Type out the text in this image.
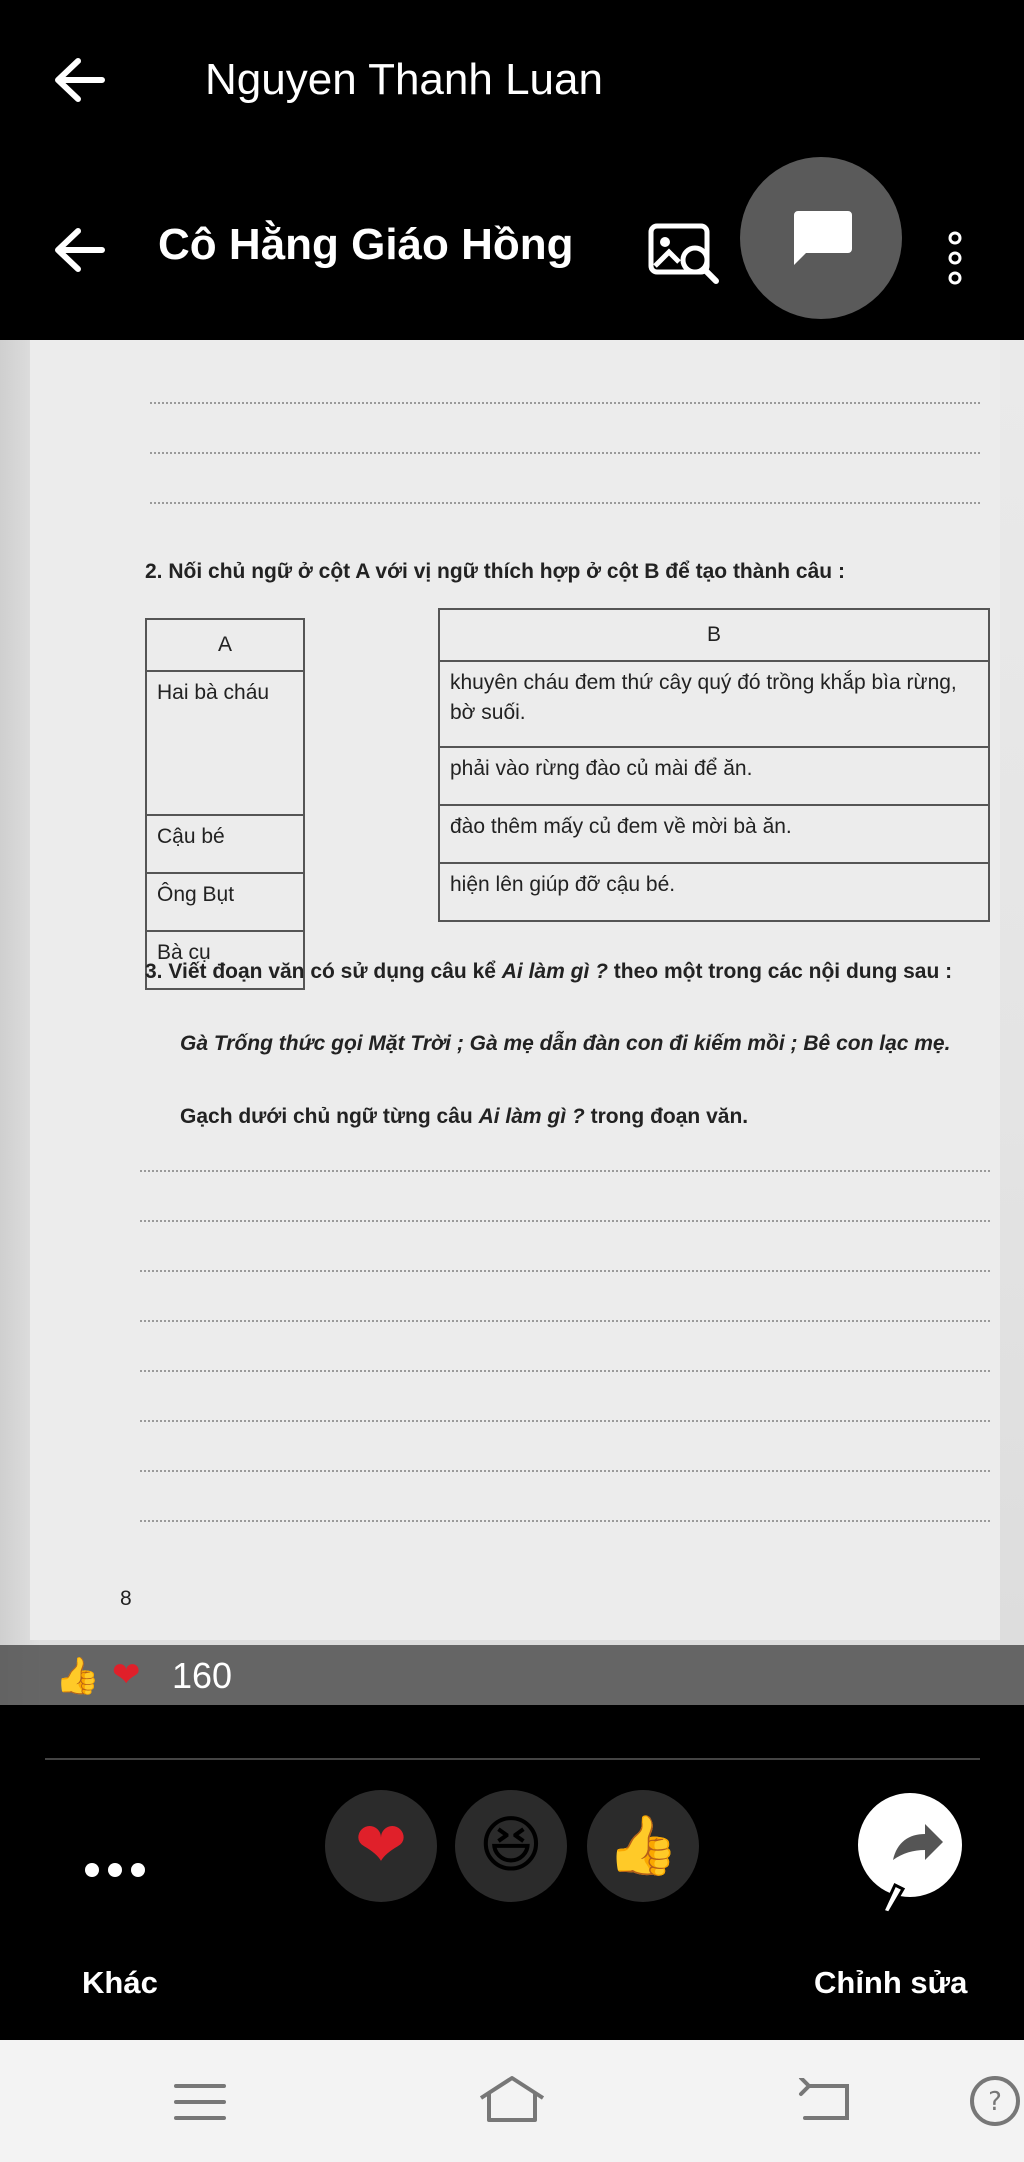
Nguyen Thanh Luan
Cô Hằng Giáo Hồng
2. Nối chủ ngữ ở cột A với vị ngữ thích hợp ở cột B để tạo thành câu :
A
Hai bà cháu
Cậu bé
Ông Bụt
Bà cụ
B
khuyên cháu đem thứ cây quý đó trồng khắp bìa rừng, bờ suối.
phải vào rừng đào củ mài để ăn.
đào thêm mấy củ đem về mời bà ăn.
hiện lên giúp đỡ cậu bé.
3. Viết đoạn văn có sử dụng câu kể Ai làm gì ? theo một trong các nội dung sau :
Gà Trống thức gọi Mặt Trời ; Gà mẹ dẫn đàn con đi kiếm mồi ; Bê con lạc mẹ.
Gạch dưới chủ ngữ từng câu Ai làm gì ? trong đoạn văn.
8
👍 ❤ 160
❤ 😆 👍
Khác	Chỉnh sửa
?
